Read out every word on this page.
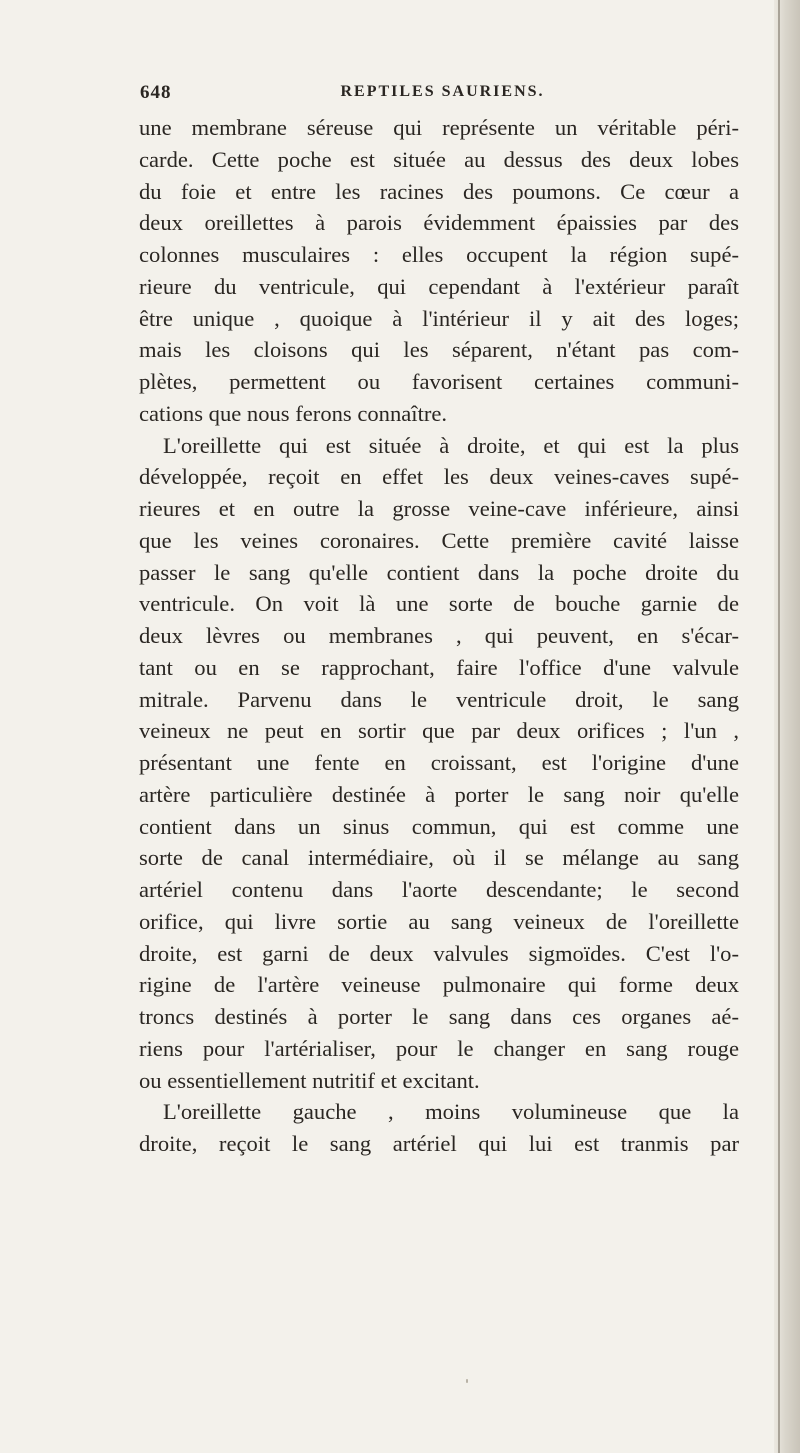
648	REPTILES SAURIENS.
une membrane séreuse qui représente un véritable péri-
carde. Cette poche est située au dessus des deux lobes
du foie et entre les racines des poumons. Ce cœur a
deux oreillettes à parois évidemment épaissies par des
colonnes musculaires : elles occupent la région supé-
rieure du ventricule, qui cependant à l'extérieur paraît
être unique , quoique à l'intérieur il y ait des loges;
mais les cloisons qui les séparent, n'étant pas com-
plètes, permettent ou favorisent certaines communi-
cations que nous ferons connaître.
L'oreillette qui est située à droite, et qui est la plus
développée, reçoit en effet les deux veines-caves supé-
rieures et en outre la grosse veine-cave inférieure, ainsi
que les veines coronaires. Cette première cavité laisse
passer le sang qu'elle contient dans la poche droite du
ventricule. On voit là une sorte de bouche garnie de
deux lèvres ou membranes , qui peuvent, en s'écar-
tant ou en se rapprochant, faire l'office d'une valvule
mitrale. Parvenu dans le ventricule droit, le sang
veineux ne peut en sortir que par deux orifices ; l'un ,
présentant une fente en croissant, est l'origine d'une
artère particulière destinée à porter le sang noir qu'elle
contient dans un sinus commun, qui est comme une
sorte de canal intermédiaire, où il se mélange au sang
artériel contenu dans l'aorte descendante; le second
orifice, qui livre sortie au sang veineux de l'oreillette
droite, est garni de deux valvules sigmoïdes. C'est l'o-
rigine de l'artère veineuse pulmonaire qui forme deux
troncs destinés à porter le sang dans ces organes aé-
riens pour l'artérialiser, pour le changer en sang rouge
ou essentiellement nutritif et excitant.
L'oreillette gauche , moins volumineuse que la
droite, reçoit le sang artériel qui lui est tranmis par
